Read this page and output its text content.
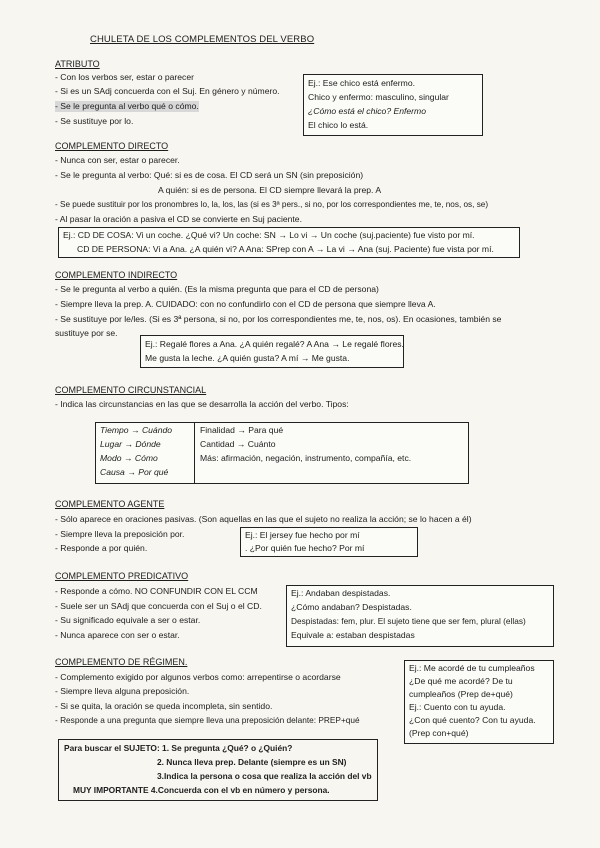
CHULETA DE LOS COMPLEMENTOS DEL VERBO
ATRIBUTO
- Con los verbos ser, estar o parecer
- Si es un SAdj concuerda con el Suj. En género y número.
- Se le pregunta al verbo qué o cómo.
- Se sustituye por lo.
Ej.: Ese chico está enfermo.
Chico y enfermo: masculino, singular
¿Cómo está el chico? Enfermo
El chico lo está.
COMPLEMENTO DIRECTO
- Nunca con ser, estar o parecer.
- Se le pregunta al verbo: Qué: si es de cosa. El CD será un SN (sin preposición)
A quién: si es de persona. El CD siempre llevará la prep. A
- Se puede sustituir por los pronombres lo, la, los, las (si es 3ª pers., si no, por los correspondientes me, te, nos, os, se)
- Al pasar la oración a pasiva el CD se convierte en Suj paciente.
Ej.: CD DE COSA: Vi un coche. ¿Qué vi? Un coche: SN → Lo vi → Un coche (suj.paciente) fue visto por mí.
CD DE PERSONA: Vi a Ana. ¿A quién vi? A Ana: SPrep con A → La vi → Ana (suj. Paciente) fue vista por mí.
COMPLEMENTO INDIRECTO
- Se le pregunta al verbo a quién. (Es la misma pregunta que para el CD de persona)
- Siempre lleva la prep. A. CUIDADO: con no confundirlo con el CD de persona que siempre lleva A.
- Se sustituye por le/les. (Si es 3ª persona, si no, por los correspondientes me, te, nos, os). En ocasiones, también se
sustituye por se.
Ej.: Regalé flores a Ana. ¿A quién regalé? A Ana → Le regalé flores.
Me gusta la leche. ¿A quién gusta? A mí → Me gusta.
COMPLEMENTO CIRCUNSTANCIAL
- Indica las circunstancias en las que se desarrolla la acción del verbo. Tipos:
Tiempo → Cuándo
Lugar → Dónde
Modo → Cómo
Causa → Por qué
Finalidad → Para qué
Cantidad → Cuánto
Más: afirmación, negación, instrumento, compañía, etc.
COMPLEMENTO AGENTE
- Sólo aparece en oraciones pasivas. (Son aquellas en las que el sujeto no realiza la acción; se lo hacen a él)
- Siempre lleva la preposición por.
- Responde a por quién.
Ej.: El jersey fue hecho por mí
. ¿Por quién fue hecho? Por mí
COMPLEMENTO PREDICATIVO
- Responde a cómo. NO CONFUNDIR CON EL CCM
- Suele ser un SAdj que concuerda con el Suj o el CD.
- Su significado equivale a ser o estar.
- Nunca aparece con ser o estar.
Ej.: Andaban despistadas.
¿Cómo andaban? Despistadas.
Despistadas: fem, plur. El sujeto tiene que ser fem, plural (ellas)
Equivale a: estaban despistadas
COMPLEMENTO DE RÉGIMEN.
- Complemento exigido por algunos verbos como: arrepentirse o acordarse
- Siempre lleva alguna preposición.
- Si se quita, la oración se queda incompleta, sin sentido.
- Responde a una pregunta que siempre lleva una preposición delante: PREP+qué
Ej.: Me acordé de tu cumpleaños
¿De qué me acordé? De tu
cumpleaños (Prep de+qué)
Ej.: Cuento con tu ayuda.
¿Con qué cuento? Con tu ayuda.
(Prep con+qué)
Para buscar el SUJETO: 1. Se pregunta ¿Qué? o ¿Quién?
2. Nunca lleva prep. Delante (siempre es un SN)
3.Indica la persona o cosa que realiza la acción del vb
MUY IMPORTANTE 4.Concuerda con el vb en número y persona.
